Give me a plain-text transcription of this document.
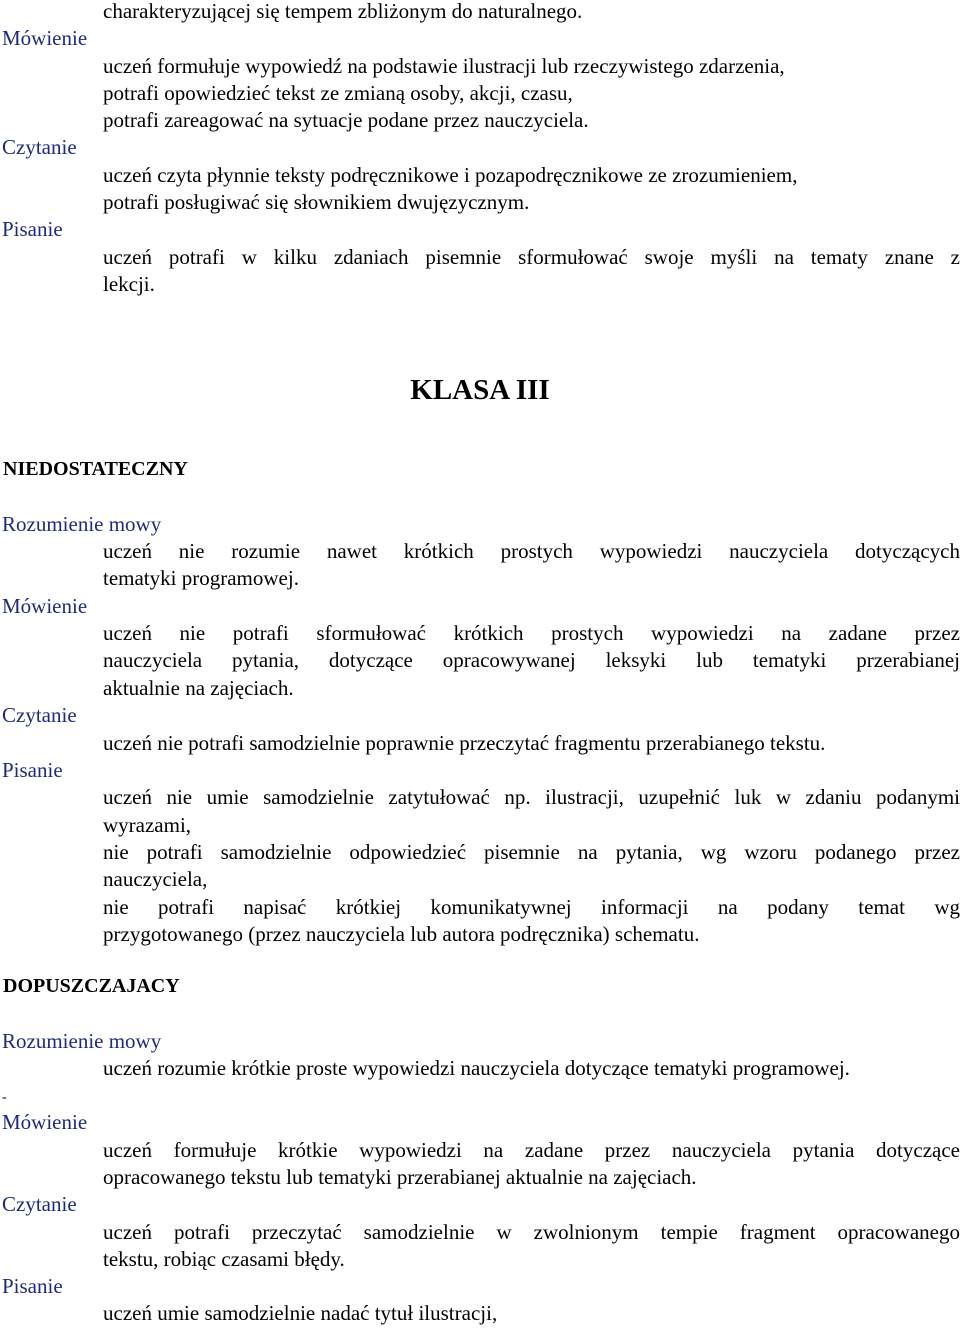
charakteryzującej się tempem zbliżonym do naturalnego.
Mówienie
uczeń formułuje wypowiedź na podstawie ilustracji lub rzeczywistego zdarzenia,
potrafi opowiedzieć tekst ze zmianą osoby, akcji, czasu,
potrafi zareagować na sytuacje podane przez nauczyciela.
Czytanie
uczeń czyta płynnie teksty podręcznikowe i pozapodręcznikowe ze zrozumieniem,
potrafi posługiwać się słownikiem dwujęzycznym.
Pisanie
uczeń potrafi w kilku zdaniach pisemnie sformułować swoje myśli na tematy znane z
lekcji.
KLASA III
NIEDOSTATECZNY
Rozumienie mowy
uczeń nie rozumie nawet krótkich prostych wypowiedzi nauczyciela dotyczących
tematyki programowej.
Mówienie
uczeń nie potrafi sformułować krótkich prostych wypowiedzi na zadane przez
nauczyciela pytania, dotyczące opracowywanej leksyki lub tematyki przerabianej
aktualnie na zajęciach.
Czytanie
uczeń nie potrafi samodzielnie poprawnie przeczytać fragmentu przerabianego tekstu.
Pisanie
uczeń nie umie samodzielnie zatytułować np. ilustracji, uzupełnić luk w zdaniu podanymi
wyrazami,
nie potrafi samodzielnie odpowiedzieć pisemnie na pytania, wg wzoru podanego przez
nauczyciela,
nie potrafi napisać krótkiej komunikatywnej informacji na podany temat wg
przygotowanego (przez nauczyciela lub autora podręcznika) schematu.
DOPUSZCZAJACY
Rozumienie mowy
uczeń rozumie krótkie proste wypowiedzi nauczyciela dotyczące tematyki programowej.
-
Mówienie
uczeń formułuje krótkie wypowiedzi na zadane przez nauczyciela pytania dotyczące
opracowanego tekstu lub tematyki przerabianej aktualnie na zajęciach.
Czytanie
uczeń potrafi przeczytać samodzielnie w zwolnionym tempie fragment opracowanego
tekstu, robiąc czasami błędy.
Pisanie
uczeń umie samodzielnie nadać tytuł ilustracji,
